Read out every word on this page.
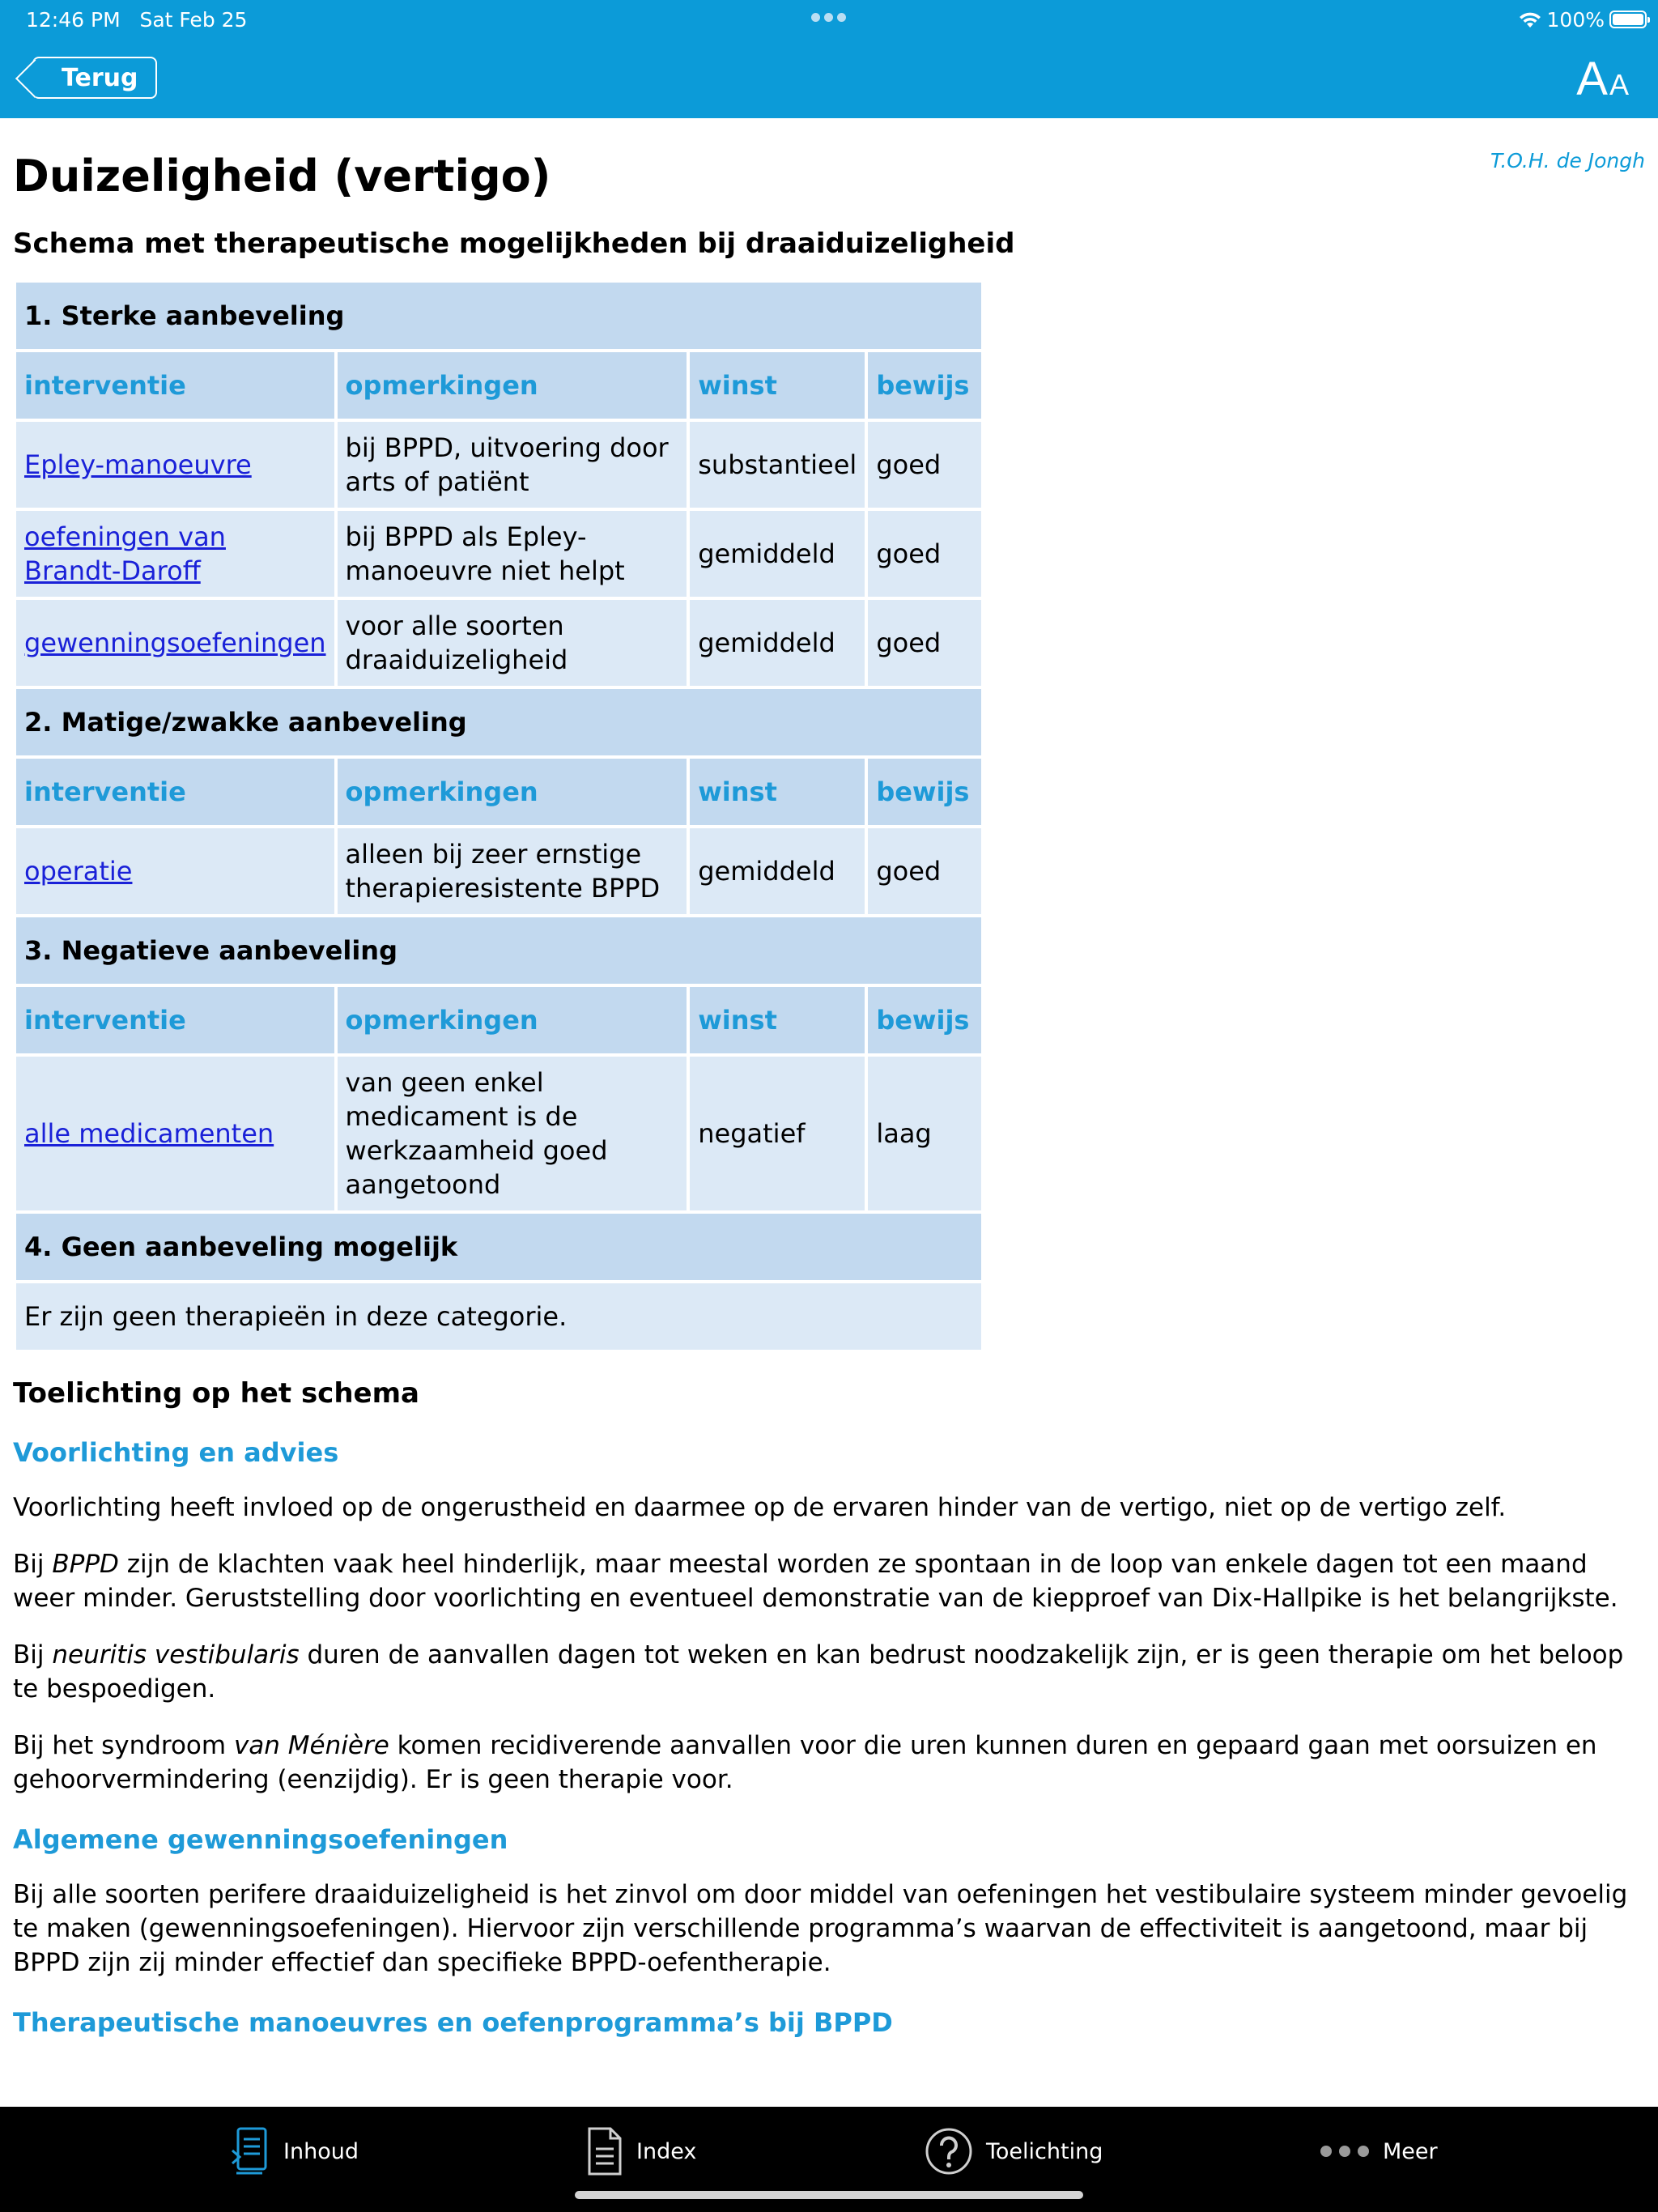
12:46 PM Sat Feb 25	100%
Terug	AA
T.O.H. de Jongh
Duizeligheid (vertigo)
Schema met therapeutische mogelijkheden bij draaiduizeligheid
1. Sterke aanbeveling			
interventie	opmerkingen	winst	bewijs
Epley-manoeuvre	bij BPPD, uitvoering door arts of patiënt	substantieel	goed
oefeningen van Brandt-Daroff	bij BPPD als Epley-manoeuvre niet helpt	gemiddeld	goed
gewenningsoefeningen	voor alle soorten draaiduizeligheid	gemiddeld	goed
2. Matige/zwakke aanbeveling			
interventie	opmerkingen	winst	bewijs
operatie	alleen bij zeer ernstige therapieresistente BPPD	gemiddeld	goed
3. Negatieve aanbeveling			
interventie	opmerkingen	winst	bewijs
alle medicamenten	van geen enkel medicament is de werkzaamheid goed aangetoond	negatief	laag
4. Geen aanbeveling mogelijk			
Er zijn geen therapieën in deze categorie.			
Toelichting op het schema
Voorlichting en advies

Voorlichting heeft invloed op de ongerustheid en daarmee op de ervaren hinder van de vertigo, niet op de vertigo zelf.

Bij BPPD zijn de klachten vaak heel hinderlijk, maar meestal worden ze spontaan in de loop van enkele dagen tot een maand weer minder. Geruststelling door voorlichting en eventueel demonstratie van de kiepproef van Dix-Hallpike is het belangrijkste.

Bij neuritis vestibularis duren de aanvallen dagen tot weken en kan bedrust noodzakelijk zijn, er is geen therapie om het beloop te bespoedigen.

Bij het syndroom van Ménière komen recidiverende aanvallen voor die uren kunnen duren en gepaard gaan met oorsuizen en gehoorvermindering (eenzijdig). Er is geen therapie voor.

Algemene gewenningsoefeningen

Bij alle soorten perifere draaiduizeligheid is het zinvol om door middel van oefeningen het vestibulaire systeem minder gevoelig te maken (gewenningsoefeningen). Hiervoor zijn verschillende programma’s waarvan de effectiviteit is aangetoond, maar bij BPPD zijn zij minder effectief dan specifieke BPPD-oefentherapie.

Therapeutische manoeuvres en oefenprogramma’s bij BPPD
Inhoud	Index	Toelichting	Meer
